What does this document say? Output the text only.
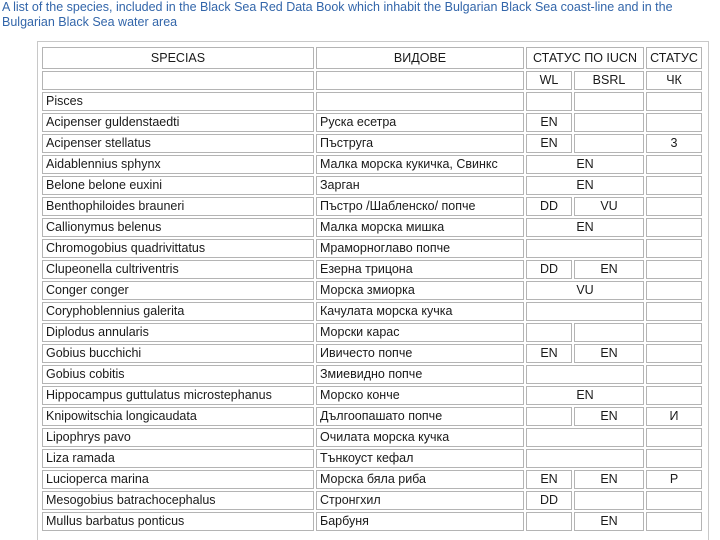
A list of the species, included in the Black Sea Red Data Book which inhabit the Bulgarian Black Sea coast-line and in the Bulgarian Black Sea water area
SPECIAS	ВИДОВЕ	СТАТУС ПО IUCN		СТАТУС
		WL	BSRL	ЧК
Pisces				
Acipenser guldenstaedti	Руска есетра	EN		
Acipenser stellatus	Пъструга	EN		3
Aidablennius sphynx	Малка морска кукичка, Свинкс	EN		
Belone belone euxini	Зарган	EN		
Benthophiloides brauneri	Пъстро /Шабленско/ попче	DD	VU	
Callionymus belenus	Малка морска мишка	EN		
Chromogobius quadrivittatus	Мраморноглаво попче			
Clupeonella cultriventris	Езерна трицона	DD	EN	
Conger conger	Морска змиорка	VU		
Coryphoblennius galerita	Качулата морска кучка			
Diplodus annularis	Морски карас			
Gobius bucchichi	Ивичесто попче	EN	EN	
Gobius cobitis	Змиевидно попче			
Hippocampus guttulatus microstephanus	Морско конче	EN		
Knipowitschia longicaudata	Дългоопашато попче		EN	И
Lipophrys pavo	Очилата морска кучка			
Liza ramada	Тънкоуст кефал			
Lucioperca marina	Морска бяла риба	EN	EN	P
Mesogobius batrachocephalus	Стронгхил	DD		
Mullus barbatus ponticus	Барбуня		EN	
